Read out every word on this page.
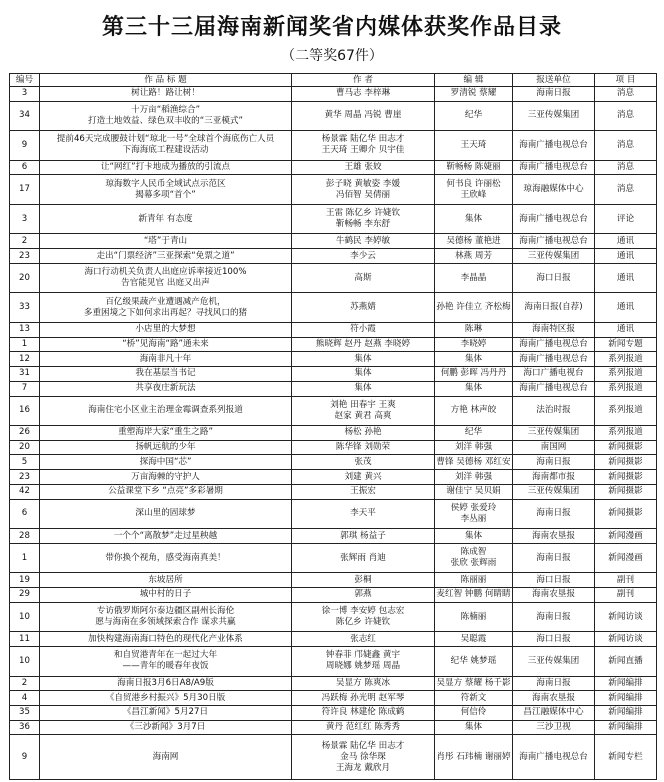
第三十三届海南新闻奖省内媒体获奖作品目录
（二等奖67件）
编号	作 品 标 题	作 者	编 辑	报送单位	项 目
3	树让路！路让树！	曹马志 李梓琳	罗清锐 蔡耀	海南日报	消息
34	十万亩“稻渔综合”
打造土地效益、绿色双丰收的“三亚模式”	黄华 周晶 冯锐 曹崖	纪华	三亚传媒集团	消息
9	提前46天完成腰鼓计划“琼北一号”全球首个海底伤亡人员
下海海底工程建设活动	杨景霖 陆亿华 田志才
王天琦 王卿介 贝宇佳	王天琦	海南广播电视总台	消息
6	让“网红”打卡地成为播放的引流点	王雄 张姣	靳畅畅 陈婕丽	海南广播电视总台	消息
17	琼海数字人民币全域试点示范区
揭幕多项“首个”	彭子晓 黄敏姿 李媛
冯佰智 吴倩丽	何书良 许丽松
王欣峰	琼海融媒体中心	消息
3	新青年 有态度	王雷 陈亿乡 许婕钦
靳畅畅 李东舒	集体	海南广播电视总台	评论
2	“塔”于青山	牛鹤民 李婷敏	吴德杨 董艳进	海南广播电视总台	通讯
23	走出“门票经济”三亚探索“免票之道”	李少云	林燕 周芳	三亚传媒集团	通讯
20	海口行动机关负责人出庭应诉率接近100%
告官能见官 出庭又出声	高斯	李晶晶	海口日报	通讯
33	百亿级果蔬产业遭遇减产危机，
多重困境之下如何求出再起？寻找风口的猪	苏燕婧	孙艳 许佳立 齐松梅	海南日报(自荐)	通讯
13	小店里的大梦想	符小霞	陈琳	海南特区报	通讯
1	“桥”见海南“路”通未来	熊晓辉 赵丹 赵燕 李晓婷	李晓婷	海南广播电视总台	新闻专题
12	海南非凡十年	集体	集体	海南广播电视总台	系列报道
31	我在基层当书记	集体	何鹏 彭晖 冯丹丹	海口广播电视台	系列报道
7	共享夜庄新玩法	集体	集体	海南广播电视总台	系列报道
16	海南住宅小区业主治理金霉调查系列报道	刘艳 田春宇 王爽
赵家 黄君 高爽	方艳 林声皎	法治时报	系列报道
26	重塑海岸大家“重生之路”	杨松 孙艳	纪华	三亚传媒集团	系列报道
20	扬帆远航的少年	陈华锋 刘勋荣	刘洋 韩强	南国网	新闻摄影
5	探海中国“芯”	张茂	曹锋 吴德杨 邓红安	海南日报	新闻摄影
23	万亩海棘的守护人	刘建 黄兴	刘洋 韩强	海南都市报	新闻摄影
42	公益课堂下乡 “点亮”多彩暑期	王振宏	谢佳宁 吴贝娟	三亚传媒集团	新闻摄影
6	深山里的固球梦	李天平	侯婷 张爱玲
李丛丽	海南日报	新闻摄影
28	一个个“离散梦”走过星秧越	郭琪 杨益子	集体	海南农垦报	新闻漫画
1	带你换个视角，感受海南真美！	张辉雨 肖迪	陈成智
张欣 张辉雨	海南日报	新闻漫画
19	东坡居所	彭桐	陈丽丽	海口日报	副刊
29	城中村的日子	郭燕	麦红智 钟鹏 何睛睛	海南农垦报	副刊
10	专访俄罗斯阿尔泰边疆区副州长海伦
愿与海南在多领域探索合作 谋求共赢	徐一博 李安婷 包志宏
陈亿乡 许婕钦	陈楠丽	海南日报	新闻访谈
11	加快构建海南海口特色的现代化产业体系	张志红	吴聪霞	海口日报	新闻访谈
10	和自贸港青年在一起过大年
——青年的暖春年夜饭	钟春菲 邝婕鑫 黄宇
周晓娜 姚梦瑶 周晶	纪华 姚梦瑶	三亚传媒集团	新闻直播
2	海南日报3月6日A8/A9版	吴显方 陈爽冰	吴显方 蔡耀 杨千影	海南日报	新闻编排
4	《自贸港乡村振兴》5月30日版	冯跃梅 孙光明 赵军琴	符新文	海南农垦报	新闻编排
35	《昌江新闻》5月27日	符许良 林建伦 陈成鹤	何信伶	昌江融媒体中心	新闻编排
36	《三沙新闻》3月7日	黄丹 范红红 陈秀秀	集体	三沙卫视	新闻编排
9	海南网	杨景霖 陆亿华 田志才
金马 徐华琛
王海龙 戴欣月	肖彤 石玮楠 谢丽婷	海南广播电视总台	新闻专栏
